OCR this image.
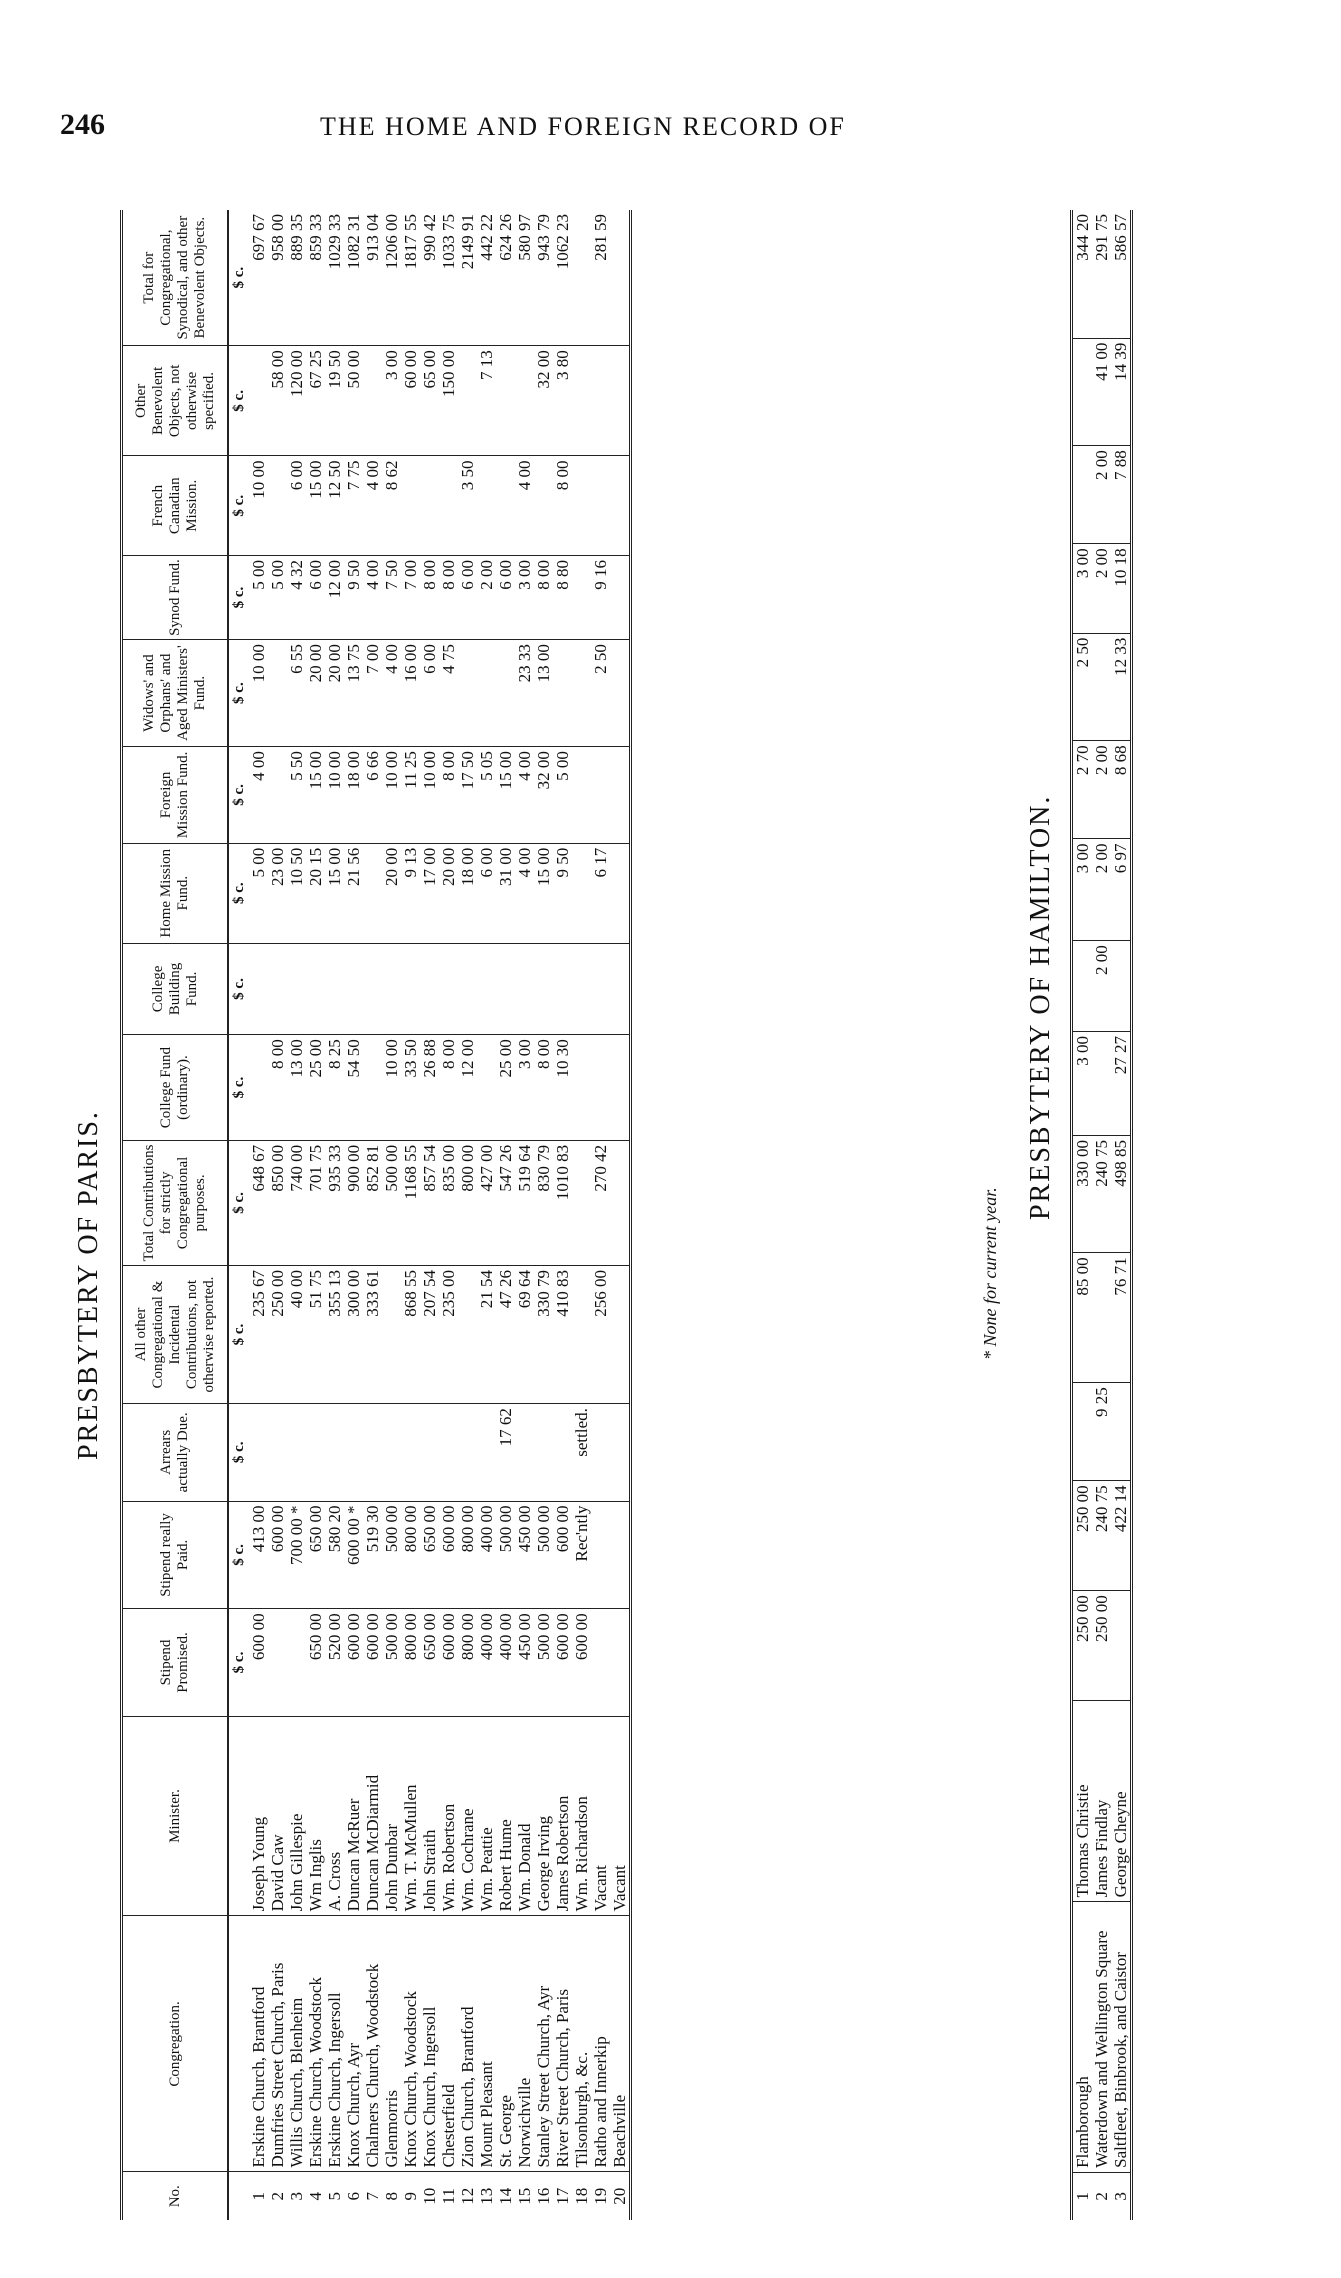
246	THE HOME AND FOREIGN RECORD OF
PRESBYTERY OF PARIS.
No.	Congregation.	Minister.	Stipend Promised.	Stipend really Paid.	Arrears actually Due.	All other Congregational & Incidental Contributions, not otherwise reported.	Total Contributions for strictly Congregational purposes.	College Fund (ordinary).	College Building Fund.	Home Mission Fund.	Foreign Mission Fund.	Widows' and Orphans' and Aged Ministers' Fund.	Synod Fund.	French Canadian Mission.	Other Benevolent Objects, not otherwise specified.	Total for Congregational, Synodical, and other Benevolent Objects.
			$ c.	$ c.	$ c.	$ c.	$ c.	$ c.	$ c.	$ c.	$ c.	$ c.	$ c.	$ c.	$ c.	$ c.
1	Erskine Church, Brantford	Joseph Young	600 00	413 00		235 67	648 67			5 00	4 00	10 00	5 00	10 00		697 67
2	Dumfries Street Church, Paris	David Caw		600 00		250 00	850 00	8 00		23 00			5 00		58 00	958 00
3	Willis Church, Blenheim	John Gillespie		700 00 *		40 00	740 00	13 00		10 50	5 50	6 55	4 32	6 00	120 00	889 35
4	Erskine Church, Woodstock	Wm Inglis	650 00	650 00		51 75	701 75	25 00		20 15	15 00	20 00	6 00	15 00	67 25	859 33
5	Erskine Church, Ingersoll	A. Cross	520 00	580 20		355 13	935 33	8 25		15 00	10 00	20 00	12 00	12 50	19 50	1029 33
6	Knox Church, Ayr	Duncan McRuer	600 00	600 00 *		300 00	900 00	54 50		21 56	18 00	13 75	9 50	7 75	50 00	1082 31
7	Chalmers Church, Woodstock	Duncan McDiarmid	600 00	519 30		333 61	852 81				6 66	7 00	4 00	4 00		913 04
8	Glenmorris	John Dunbar	500 00	500 00			500 00	10 00		20 00	10 00	4 00	7 50	8 62	3 00	1206 00
9	Knox Church, Woodstock	Wm. T. McMullen	800 00	800 00		868 55	1168 55	33 50		9 13	11 25	16 00	7 00		60 00	1817 55
10	Knox Church, Ingersoll	John Straith	650 00	650 00		207 54	857 54	26 88		17 00	10 00	6 00	8 00		65 00	990 42
11	Chesterfield	Wm. Robertson	600 00	600 00		235 00	835 00	8 00		20 00	8 00	4 75	8 00		150 00	1033 75
12	Zion Church, Brantford	Wm. Cochrane	800 00	800 00			800 00	12 00		18 00	17 50		6 00	3 50		2149 91
13	Mount Pleasant	Wm. Peattie	400 00	400 00		21 54	427 00			6 00	5 05		2 00		7 13	442 22
14	St. George	Robert Hume	400 00	500 00	17 62	47 26	547 26	25 00		31 00	15 00		6 00			624 26
15	Norwichville	Wm. Donald	450 00	450 00		69 64	519 64	3 00		4 00	4 00	23 33	3 00	4 00		580 97
16	Stanley Street Church, Ayr	George Irving	500 00	500 00		330 79	830 79	8 00		15 00	32 00	13 00	8 00		32 00	943 79
17	River Street Church, Paris	James Robertson	600 00	600 00		410 83	1010 83	10 30		9 50	5 00		8 80	8 00	3 80	1062 23
18	Tilsonburgh, &c.	Wm. Richardson	600 00	Rec'ntly	settled.											
19	Ratho and Innerkip	Vacant				256 00	270 42			6 17		2 50	9 16			281 59
20	Beachville	Vacant														
* None for current year.
PRESBYTERY OF HAMILTON.
1	Flamborough	Thomas Christie	250 00	250 00		85 00	330 00	3 00		3 00	2 70	2 50	3 00			344 20
2	Waterdown and Wellington Square	James Findlay	250 00	240 75	9 25		240 75		2 00	2 00	2 00		2 00	2 00	41 00	291 75
3	Saltfleet, Binbrook, and Caistor	George Cheyne		422 14		76 71	498 85	27 27		6 97	8 68	12 33	10 18	7 88	14 39	586 57
